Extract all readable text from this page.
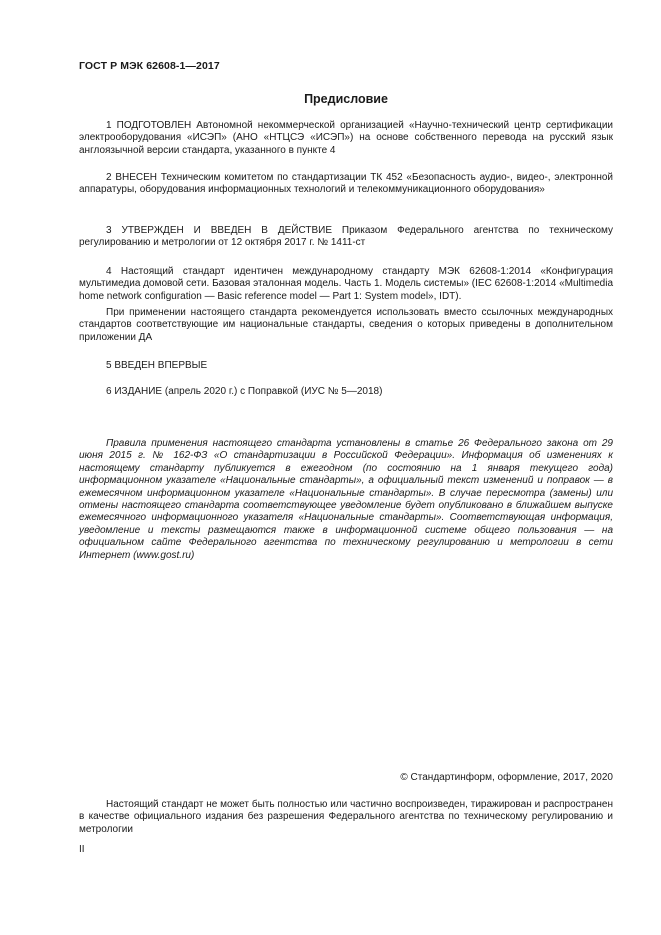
ГОСТ Р МЭК 62608-1—2017
Предисловие

1 ПОДГОТОВЛЕН Автономной некоммерческой организацией «Научно-технический центр сертификации электрооборудования «ИСЭП» (АНО «НТЦСЭ «ИСЭП») на основе собственного перевода на русский язык англоязычной версии стандарта, указанного в пункте 4

2 ВНЕСЕН Техническим комитетом по стандартизации ТК 452 «Безопасность аудио-, видео-, электронной аппаратуры, оборудования информационных технологий и телекоммуникационного оборудования»

3 УТВЕРЖДЕН И ВВЕДЕН В ДЕЙСТВИЕ Приказом Федерального агентства по техническому регулированию и метрологии от 12 октября 2017 г. № 1411-ст

4 Настоящий стандарт идентичен международному стандарту МЭК 62608-1:2014 «Конфигурация мультимедиа домовой сети. Базовая эталонная модель. Часть 1. Модель системы» (IEC 62608-1:2014 «Multimedia home network configuration — Basic reference model — Part 1: System model», IDT).

При применении настоящего стандарта рекомендуется использовать вместо ссылочных международных стандартов соответствующие им национальные стандарты, сведения о которых приведены в дополнительном приложении ДА

5 ВВЕДЕН ВПЕРВЫЕ

6 ИЗДАНИЕ (апрель 2020 г.) с Поправкой (ИУС № 5—2018)

Правила применения настоящего стандарта установлены в статье 26 Федерального закона от 29 июня 2015 г. № 162-ФЗ «О стандартизации в Российской Федерации». Информация об изменениях к настоящему стандарту публикуется в ежегодном (по состоянию на 1 января текущего года) информационном указателе «Национальные стандарты», а официальный текст изменений и поправок — в ежемесячном информационном указателе «Национальные стандарты». В случае пересмотра (замены) или отмены настоящего стандарта соответствующее уведомление будет опубликовано в ближайшем выпуске ежемесячного информационного указателя «Национальные стандарты». Соответствующая информация, уведомление и тексты размещаются также в информационной системе общего пользования — на официальном сайте Федерального агентства по техническому регулированию и метрологии в сети Интернет (www.gost.ru)

© Стандартинформ, оформление, 2017, 2020

Настоящий стандарт не может быть полностью или частично воспроизведен, тиражирован и распространен в качестве официального издания без разрешения Федерального агентства по техническому регулированию и метрологии

II
